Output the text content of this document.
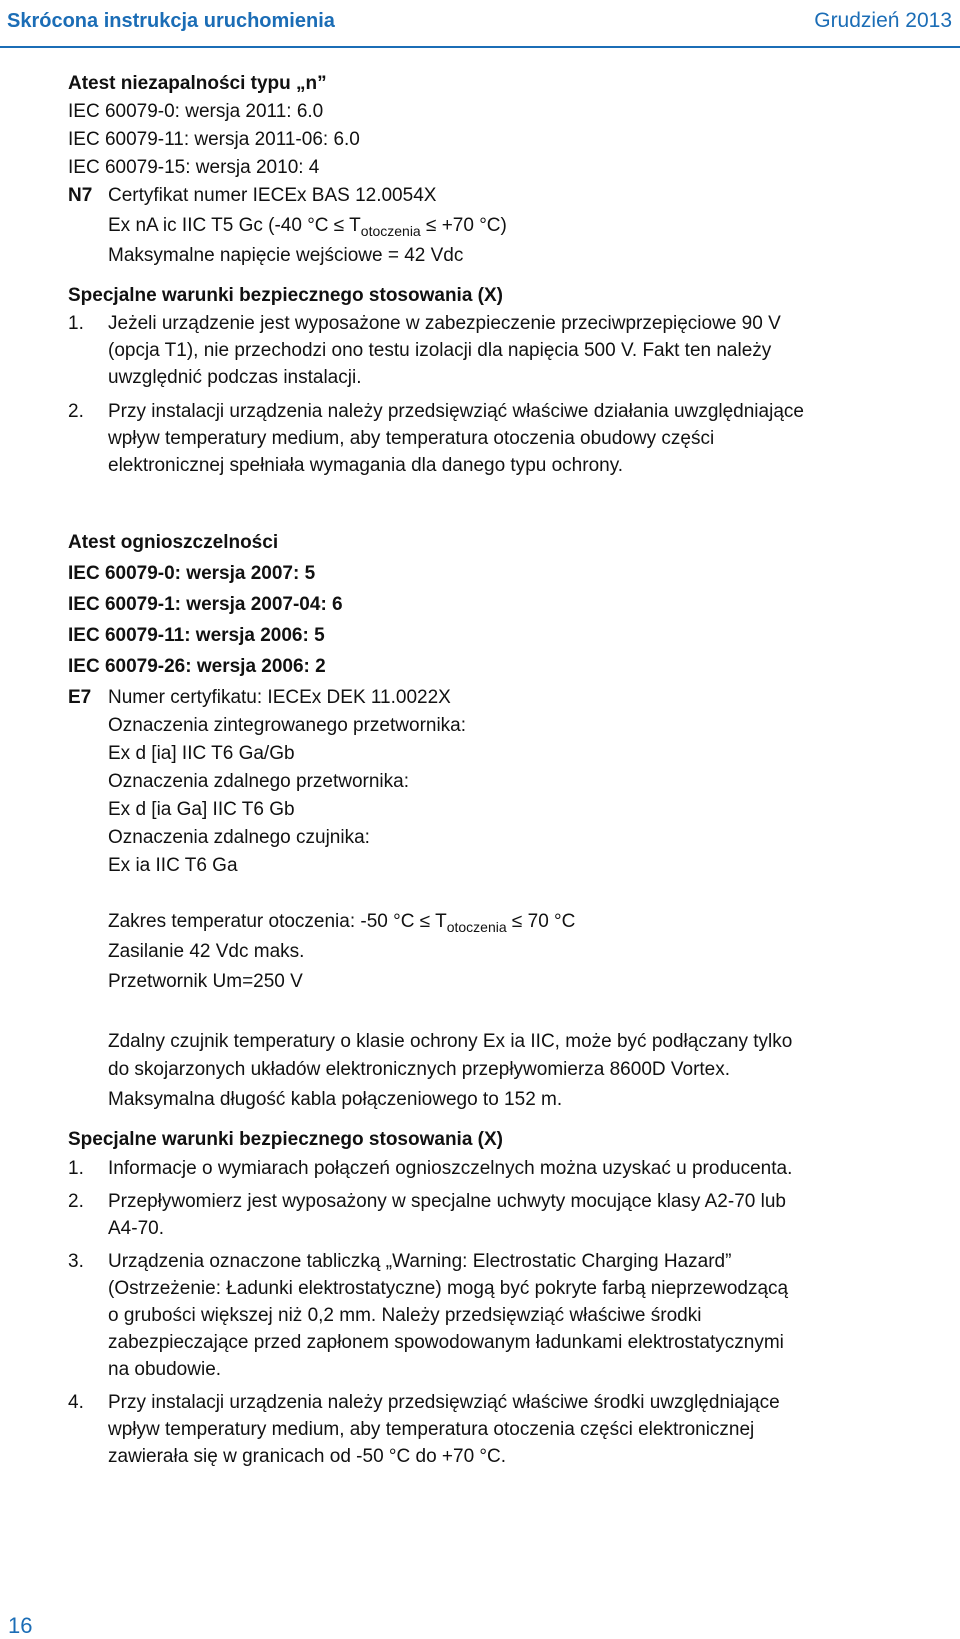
Skrócona instrukcja uruchomienia	Grudzień 2013
Atest niezapalności typu „n”
IEC 60079-0: wersja 2011: 6.0
IEC 60079-11: wersja 2011-06: 6.0
IEC 60079-15: wersja 2010: 4
N7 Certyfikat numer IECEx BAS 12.0054X
Ex nA ic IIC T5 Gc (-40 $^\circ C \le T_{otoczenia} \le +70$ °C)
Maksymalne napięcie wejściowe = 42 Vdc
Specjalne warunki bezpiecznego stosowania (X)
1. Jeżeli urządzenie jest wyposażone w zabezpieczenie przeciwprzepięciowe 90 V
(opcja T1), nie przechodzi ono testu izolacji dla napięcia 500 V. Fakt ten należy
uwzględnić podczas instalacji.
2. Przy instalacji urządzenia należy przedsięwziąć właściwe działania uwzględniające
wpływ temperatury medium, aby temperatura otoczenia obudowy części
elektronicznej spełniała wymagania dla danego typu ochrony.
Atest ognioszczelności
IEC 60079-0: wersja 2007: 5
IEC 60079-1: wersja 2007-04: 6
IEC 60079-11: wersja 2006: 5
IEC 60079-26: wersja 2006: 2
E7 Numer certyfikatu: IECEx DEK 11.0022X
Oznaczenia zintegrowanego przetwornika:
Ex d [ia] IIC T6 Ga/Gb
Oznaczenia zdalnego przetwornika:
Ex d [ia Ga] IIC T6 Gb
Oznaczenia zdalnego czujnika:
Ex ia IIC T6 Ga
Zakres temperatur otoczenia: -50 $^\circ C \le T_{otoczenia} \le 70$ °C
Zasilanie 42 Vdc maks.
Przetwornik Um=250 V
Zdalny czujnik temperatury o klasie ochrony Ex ia IIC, może być podłączany tylko
do skojarzonych układów elektronicznych przepływomierza 8600D Vortex.
Maksymalna długość kabla połączeniowego to 152 m.
Specjalne warunki bezpiecznego stosowania (X)
1. Informacje o wymiarach połączeń ognioszczelnych można uzyskać u producenta.
2. Przepływomierz jest wyposażony w specjalne uchwyty mocujące klasy A2-70 lub
A4-70.
3. Urządzenia oznaczone tabliczką „Warning: Electrostatic Charging Hazard”
(Ostrzeżenie: Ładunki elektrostatyczne) mogą być pokryte farbą nieprzewodzącą
o grubości większej niż 0,2 mm. Należy przedsięwziąć właściwe środki
zabezpieczające przed zapłonem spowodowanym ładunkami elektrostatycznymi
na obudowie.
4. Przy instalacji urządzenia należy przedsięwziąć właściwe środki uwzględniające
wpływ temperatury medium, aby temperatura otoczenia części elektronicznej
zawierała się w granicach od -50 °C do +70 °C.
16
